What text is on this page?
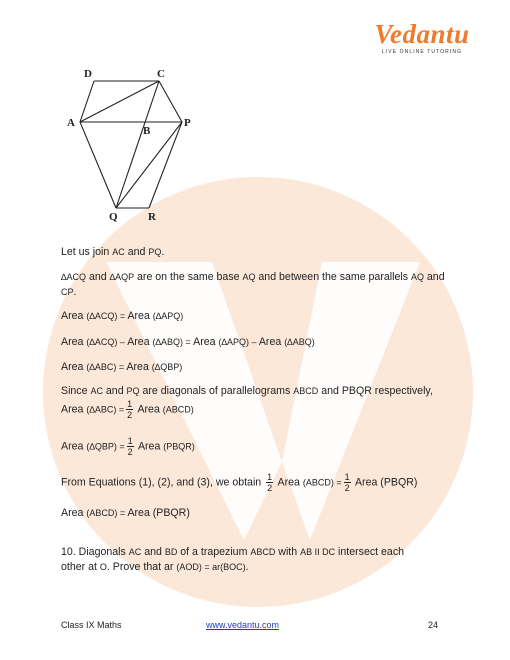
Vedantu
LIVE ONLINE TUTORING
D	C
A
B
P
Q	R
Let us join AC and PQ.
∆ACQ and ∆AQP are on the same base AQ and between the same parallels AQ and
CP.
Area (∆ACQ) = Area (∆APQ)
Area (∆ACQ) – Area (∆ABQ) = Area (∆APQ) – Area (∆ABQ)
Area (∆ABC) = Area (∆QBP)
Since AC and PQ are diagonals of parallelograms ABCD and PBQR respectively,
Area $(\Delta ABC) = \frac{1}{2}$ Area (ABCD)
Area $(\Delta QBP) = \frac{1}{2}$ Area (PBQR)
From Equations (1), (2), and (3), we obtain $\frac{1}{2}$ Area (ABCD) = $\frac{1}{2}$ Area (PBQR)
Area (ABCD) = Area (PBQR)
10. Diagonals AC and BD of a trapezium ABCD with AB II DC intersect each
other at O. Prove that ar (AOD) = ar(BOC).
Class IX Maths	www.vedantu.com	24
